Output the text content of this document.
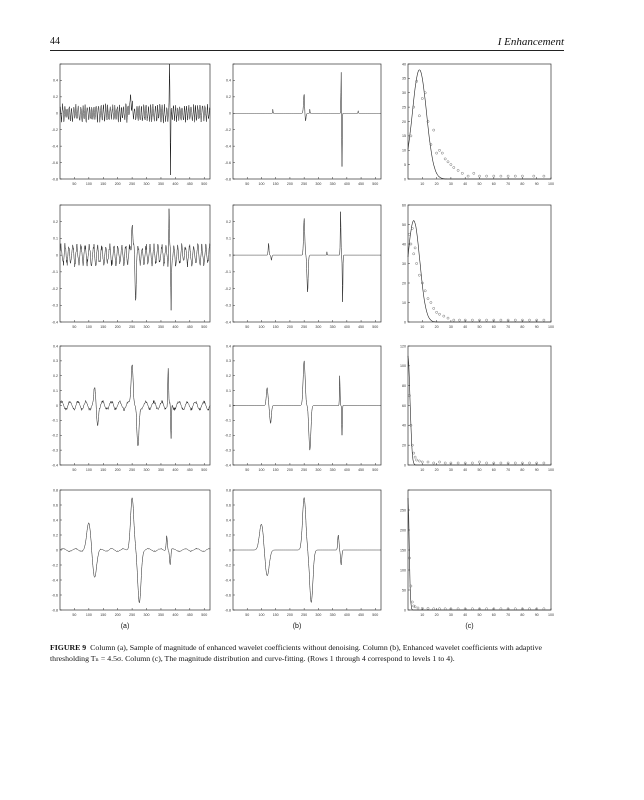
44	I Enhancement
50	100 150 200 250 300 350 400 450 500
-0.8
-0.6
-0.4
-0.2
0
0.2
0.4
50	100 150 200 250 300 350 400 450 500
-0.8
-0.6
-0.4
-0.2
0
0.2
0.4
10	20	30	40	50	60	70	80	90	100
0
5
10
15
20
25
30
35
40
50	100 150 200 250 300 350 400 450 500
-0.4
-0.3
-0.2
-0.1
0
0.1
0.2
50	100 150 200 250 300 350 400 450 500
-0.4
-0.3
-0.2
-0.1
0
0.1
0.2
10	20	30	40	50	60	70	80	90	100
0
10
20
30
40
50
60
50	100 150 200 250 300 350 400 450 500
-0.4
-0.3
-0.2
-0.1
0
0.1
0.2
0.3
0.4
50	100 150 200 250 300 350 400 450 500
-0.4
-0.3
-0.2
-0.1
0
0.1
0.2
0.3
0.4
10	20	30	40	50	60	70	80	90	100
0
20
40
60
80
100
120
50	100 150 200 250 300 350 400 450 500
-0.8
-0.6
-0.4
-0.2
0
0.2
0.4
0.6
0.8
50	100 150 200 250 300 350 400 450 500
-0.8
-0.6
-0.4
-0.2
0
0.2
0.4
0.6
0.8
10	20	30	40	50	60	70	80	90	100
0
50
100
150
200
250
(a)	(b)	(c)
FIGURE 9 Column (a), Sample of magnitude of enhanced wavelet coefficients without denoising. Column (b), Enhanced wavelet coefficients with adaptive thresholding Tₙ = 4.5σ. Column (c), The magnitude distribution and curve-fitting. (Rows 1 through 4 correspond to levels 1 to 4).
